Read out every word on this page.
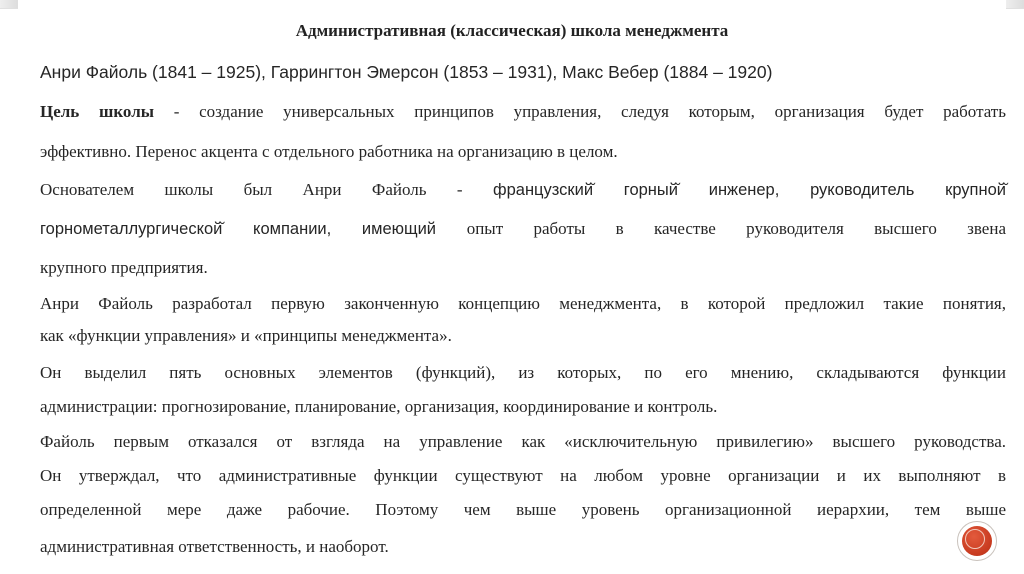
Административная (классическая) школа менеджмента

Анри Файоль (1841 – 1925), Гаррингтон Эмерсон (1853 – 1931), Макс Вебер (1884 – 1920)

Цель школы - создание универсальных принципов управления, следуя которым, организация будет работать

эффективно. Перенос акцента с отдельного работника на организацию в целом.

Основателем школы был Анри Файоль - французский̆ горный̆ инженер, руководитель крупной̆

горнометаллургической̆ компании, имеющий опыт работы в качестве руководителя высшего звена

крупного предприятия.

Анри Файоль разработал первую законченную концепцию менеджмента, в которой предложил такие понятия,

как «функции управления» и «принципы менеджмента».

Он выделил пять основных элементов (функций), из которых, по его мнению, складываются функции

администрации: прогнозирование, планирование, организация, координирование и контроль.

Файоль первым отказался от взгляда на управление как «исключительную привилегию» высшего руководства.

Он утверждал, что административные функции существуют на любом уровне организации и их выполняют в

определенной мере даже рабочие. Поэтому чем выше уровень организационной иерархии, тем выше

административная ответственность, и наоборот.
